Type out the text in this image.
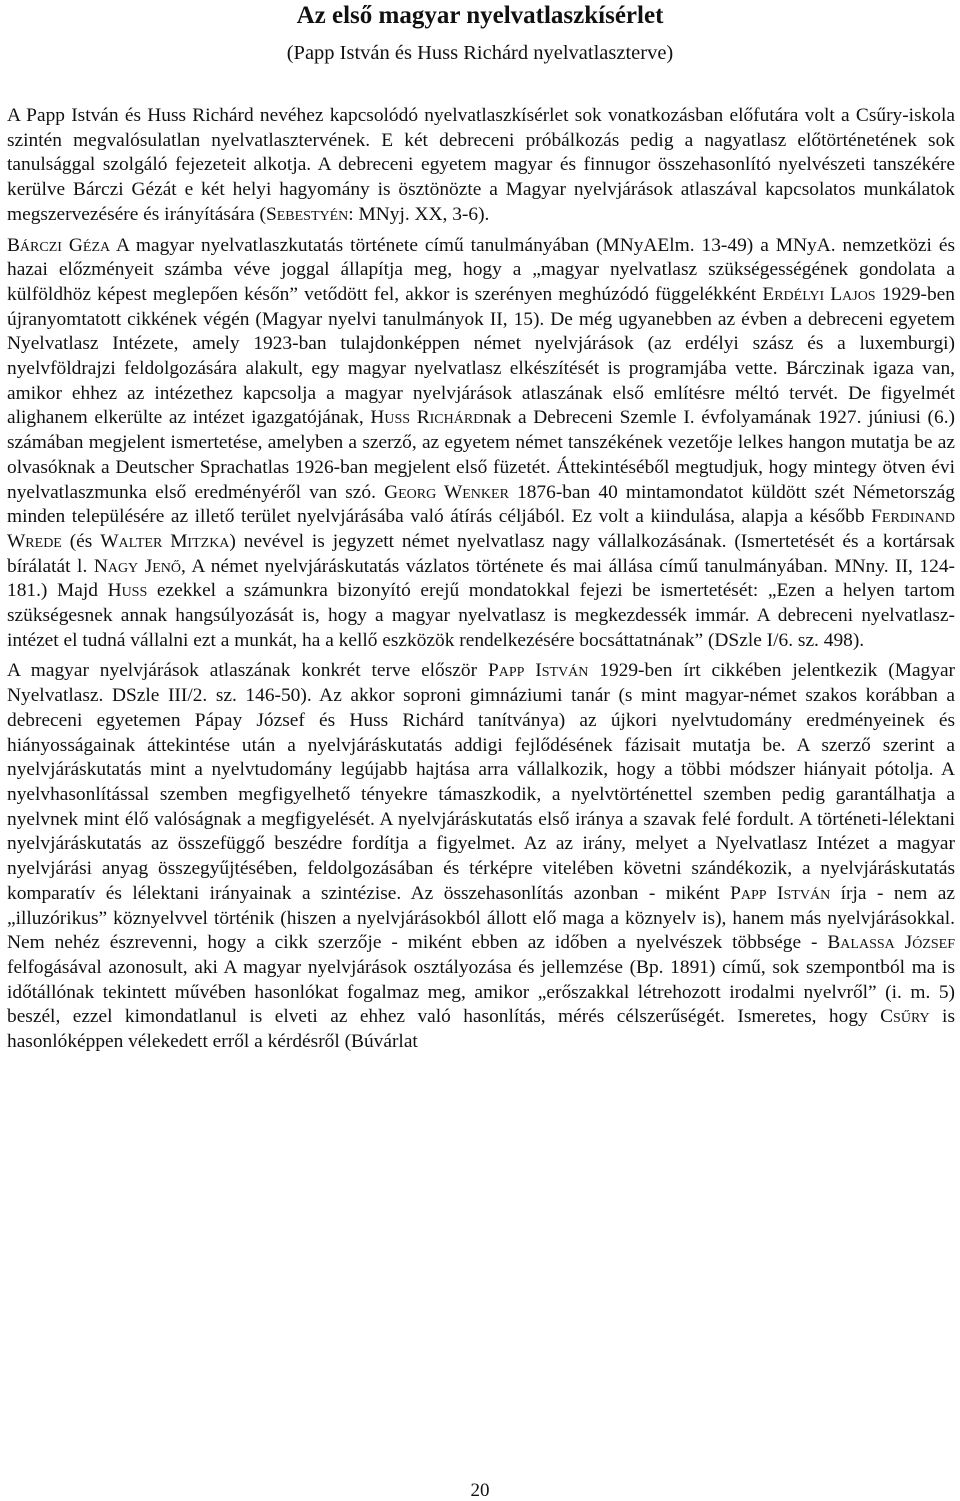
Az első magyar nyelvatlaszkísérlet
(Papp István és Huss Richárd nyelvatlaszterve)

A Papp István és Huss Richárd nevéhez kapcsolódó nyelvatlaszkísérlet sok vonatkozásban előfutára volt a Csűry-iskola szintén megvalósulatlan nyelvatlasztervének. E két debreceni próbálkozás pedig a nagyatlasz előtörténetének sok tanulsággal szolgáló fejezeteit alkotja. A debreceni egyetem magyar és finnugor összehasonlító nyelvészeti tanszékére kerülve Bárczi Gézát e két helyi hagyomány is ösztönözte a Magyar nyelvjárások atlaszával kapcsolatos munkálatok megszervezésére és irányítására (Sebestyén: MNyj. XX, 3-6).

Bárczi Géza A magyar nyelvatlaszkutatás története című tanulmányában (MNyAElm. 13-49) a MNyA. nemzetközi és hazai előzményeit számba véve joggal állapítja meg, hogy a „magyar nyelvatlasz szükségességének gondolata a külföldhöz képest meglepően későn” vetődött fel, akkor is szerényen meghúzódó függelékként Erdélyi Lajos 1929-ben újranyomtatott cikkének végén (Magyar nyelvi tanulmányok II, 15). De még ugyanebben az évben a debreceni egyetem Nyelvatlasz Intézete, amely 1923-ban tulajdonképpen német nyelvjárások (az erdélyi szász és a luxemburgi) nyelvföldrajzi feldolgozására alakult, egy magyar nyelvatlasz elkészítését is programjába vette. Bárczinak igaza van, amikor ehhez az intézethez kapcsolja a magyar nyelvjárások atlaszának első említésre méltó tervét. De figyelmét alighanem elkerülte az intézet igazgatójának, Huss Richárdnak a Debreceni Szemle I. évfolyamának 1927. júniusi (6.) számában megjelent ismertetése, amelyben a szerző, az egyetem német tanszékének vezetője lelkes hangon mutatja be az olvasóknak a Deutscher Sprachatlas 1926-ban megjelent első füzetét. Áttekintéséből megtudjuk, hogy mintegy ötven évi nyelvatlaszmunka első eredményéről van szó. Georg Wenker 1876-ban 40 mintamondatot küldött szét Németország minden településére az illető terület nyelvjárásába való átírás céljából. Ez volt a kiindulása, alapja a később Ferdinand Wrede (és Walter Mitzka) nevével is jegyzett német nyelvatlasz nagy vállalkozásának. (Ismertetését és a kortársak bírálatát l. Nagy Jenő, A német nyelvjáráskutatás vázlatos története és mai állása című tanulmányában. MNny. II, 124-181.) Majd Huss ezekkel a számunkra bizonyító erejű mondatokkal fejezi be ismertetését: „Ezen a helyen tartom szükségesnek annak hangsúlyozását is, hogy a magyar nyelvatlasz is megkezdessék immár. A debreceni nyelvatlasz-intézet el tudná vállalni ezt a munkát, ha a kellő eszközök rendelkezésére bocsáttatnának” (DSzle I/6. sz. 498).

A magyar nyelvjárások atlaszának konkrét terve először Papp István 1929-ben írt cikkében jelentkezik (Magyar Nyelvatlasz. DSzle III/2. sz. 146-50). Az akkor soproni gimnáziumi tanár (s mint magyar-német szakos korábban a debreceni egyetemen Pápay József és Huss Richárd tanítványa) az újkori nyelvtudomány eredményeinek és hiányosságainak áttekintése után a nyelvjáráskutatás addigi fejlődésének fázisait mutatja be. A szerző szerint a nyelvjáráskutatás mint a nyelvtudomány legújabb hajtása arra vállalkozik, hogy a többi módszer hiányait pótolja. A nyelvhasonlítással szemben megfigyelhető tényekre támaszkodik, a nyelvtörténettel szemben pedig garantálhatja a nyelvnek mint élő valóságnak a megfigyelését. A nyelvjáráskutatás első iránya a szavak felé fordult. A történeti-lélektani nyelvjáráskutatás az összefüggő beszédre fordítja a figyelmet. Az az irány, melyet a Nyelvatlasz Intézet a magyar nyelvjárási anyag összegyűjtésében, feldolgozásában és térképre vitelében követni szándékozik, a nyelvjáráskutatás komparatív és lélektani irányainak a szintézise. Az összehasonlítás azonban - miként Papp István írja - nem az „illuzórikus” köznyelvvel történik (hiszen a nyelvjárásokból állott elő maga a köznyelv is), hanem más nyelvjárásokkal. Nem nehéz észrevenni, hogy a cikk szerzője - miként ebben az időben a nyelvészek többsége - Balassa József felfogásával azonosult, aki A magyar nyelvjárások osztályozása és jellemzése (Bp. 1891) című, sok szempontból ma is időtállónak tekintett művében hasonlókat fogalmaz meg, amikor „erőszakkal létrehozott irodalmi nyelvről” (i. m. 5) beszél, ezzel kimondatlanul is elveti az ehhez való hasonlítás, mérés célszerűségét. Ismeretes, hogy Csűry is hasonlóképpen vélekedett erről a kérdésről (Búvárlat

20
